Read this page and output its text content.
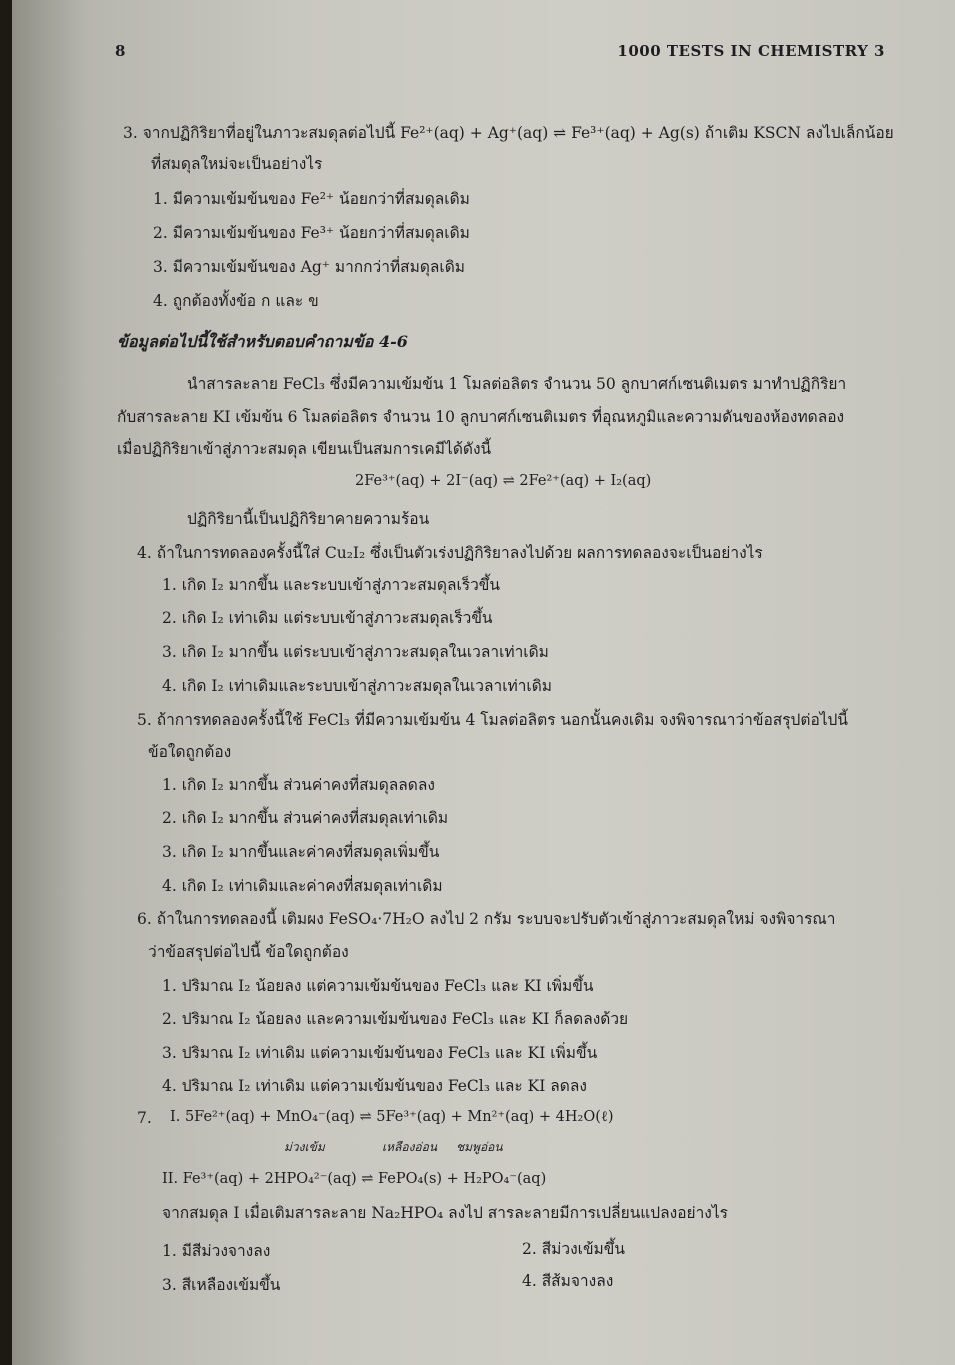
8	1000 TESTS IN CHEMISTRY 3
3. จากปฏิกิริยาที่อยู่ในภาวะสมดุลต่อไปนี้ Fe²⁺(aq) + Ag⁺(aq) ⇌ Fe³⁺(aq) + Ag(s) ถ้าเติม KSCN ลงไปเล็กน้อย
ที่สมดุลใหม่จะเป็นอย่างไร
1. มีความเข้มข้นของ Fe²⁺ น้อยกว่าที่สมดุลเดิม
2. มีความเข้มข้นของ Fe³⁺ น้อยกว่าที่สมดุลเดิม
3. มีความเข้มข้นของ Ag⁺ มากกว่าที่สมดุลเดิม
4. ถูกต้องทั้งข้อ ก และ ข
ข้อมูลต่อไปนี้ใช้สำหรับตอบคำถามข้อ 4-6
นำสารละลาย FeCl₃ ซึ่งมีความเข้มข้น 1 โมลต่อลิตร จำนวน 50 ลูกบาศก์เซนติเมตร มาทำปฏิกิริยา
กับสารละลาย KI เข้มข้น 6 โมลต่อลิตร จำนวน 10 ลูกบาศก์เซนติเมตร ที่อุณหภูมิและความดันของห้องทดลอง
เมื่อปฏิกิริยาเข้าสู่ภาวะสมดุล เขียนเป็นสมการเคมีได้ดังนี้
2Fe³⁺(aq) + 2I⁻(aq) ⇌ 2Fe²⁺(aq) + I₂(aq)
ปฏิกิริยานี้เป็นปฏิกิริยาคายความร้อน
4. ถ้าในการทดลองครั้งนี้ใส่ Cu₂I₂ ซึ่งเป็นตัวเร่งปฏิกิริยาลงไปด้วย ผลการทดลองจะเป็นอย่างไร
1. เกิด I₂ มากขึ้น และระบบเข้าสู่ภาวะสมดุลเร็วขึ้น
2. เกิด I₂ เท่าเดิม แต่ระบบเข้าสู่ภาวะสมดุลเร็วขึ้น
3. เกิด I₂ มากขึ้น แต่ระบบเข้าสู่ภาวะสมดุลในเวลาเท่าเดิม
4. เกิด I₂ เท่าเดิมและระบบเข้าสู่ภาวะสมดุลในเวลาเท่าเดิม
5. ถ้าการทดลองครั้งนี้ใช้ FeCl₃ ที่มีความเข้มข้น 4 โมลต่อลิตร นอกนั้นคงเดิม จงพิจารณาว่าข้อสรุปต่อไปนี้
ข้อใดถูกต้อง
1. เกิด I₂ มากขึ้น ส่วนค่าคงที่สมดุลลดลง
2. เกิด I₂ มากขึ้น ส่วนค่าคงที่สมดุลเท่าเดิม
3. เกิด I₂ มากขึ้นและค่าคงที่สมดุลเพิ่มขึ้น
4. เกิด I₂ เท่าเดิมและค่าคงที่สมดุลเท่าเดิม
6. ถ้าในการทดลองนี้ เติมผง FeSO₄·7H₂O ลงไป 2 กรัม ระบบจะปรับตัวเข้าสู่ภาวะสมดุลใหม่ จงพิจารณา
ว่าข้อสรุปต่อไปนี้ ข้อใดถูกต้อง
1. ปริมาณ I₂ น้อยลง แต่ความเข้มข้นของ FeCl₃ และ KI เพิ่มขึ้น
2. ปริมาณ I₂ น้อยลง และความเข้มข้นของ FeCl₃ และ KI ก็ลดลงด้วย
3. ปริมาณ I₂ เท่าเดิม แต่ความเข้มข้นของ FeCl₃ และ KI เพิ่มขึ้น
4. ปริมาณ I₂ เท่าเดิม แต่ความเข้มข้นของ FeCl₃ และ KI ลดลง
7. I. 5Fe²⁺(aq) + MnO₄⁻(aq) ⇌ 5Fe³⁺(aq) + Mn²⁺(aq) + 4H₂O(ℓ)
ม่วงเข้ม	เหลืองอ่อน ชมพูอ่อน
II. Fe³⁺(aq) + 2HPO₄²⁻(aq) ⇌ FePO₄(s) + H₂PO₄⁻(aq)
จากสมดุล I เมื่อเติมสารละลาย Na₂HPO₄ ลงไป สารละลายมีการเปลี่ยนแปลงอย่างไร
1. มีสีม่วงจางลง	2. สีม่วงเข้มขึ้น
3. สีเหลืองเข้มขึ้น	4. สีส้มจางลง
